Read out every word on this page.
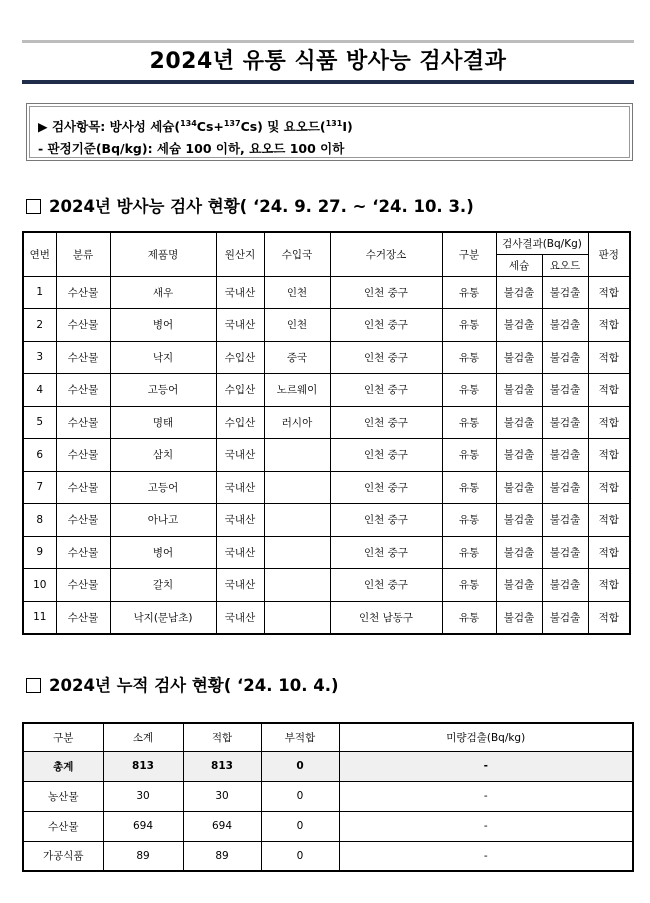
2024년 유통 식품 방사능 검사결과
▶ 검사항목: 방사성 세슘($^{134}$Cs+$^{137}$Cs) 및 요오드($^{131}$I)
- 판정기준(Bq/kg): 세슘 100 이하, 요오드 100 이하
2024년 방사능 검사 현황( ‘24. 9. 27. ~ ‘24. 10. 3.)
연번	분류	제품명	원산지	수입국	수거장소	구분	검사결과(Bq/Kg)		판정
							세슘	요오드	
1	수산물	새우	국내산	인천	인천 중구	유통	불검출	불검출	적합
2	수산물	병어	국내산	인천	인천 중구	유통	불검출	불검출	적합
3	수산물	낙지	수입산	중국	인천 중구	유통	불검출	불검출	적합
4	수산물	고등어	수입산	노르웨이	인천 중구	유통	불검출	불검출	적합
5	수산물	명태	수입산	러시아	인천 중구	유통	불검출	불검출	적합
6	수산물	삼치	국내산		인천 중구	유통	불검출	불검출	적합
7	수산물	고등어	국내산		인천 중구	유통	불검출	불검출	적합
8	수산물	아나고	국내산		인천 중구	유통	불검출	불검출	적합
9	수산물	병어	국내산		인천 중구	유통	불검출	불검출	적합
10	수산물	갈치	국내산		인천 중구	유통	불검출	불검출	적합
11	수산물	낙지(문남초)	국내산		인천 남동구	유통	불검출	불검출	적합
2024년 누적 검사 현황( ‘24. 10. 4.)
구분	소계	적합	부적합	미량검출(Bq/kg)
총계	813	813	0	-
농산물	30	30	0	-
수산물	694	694	0	-
가공식품	89	89	0	-
